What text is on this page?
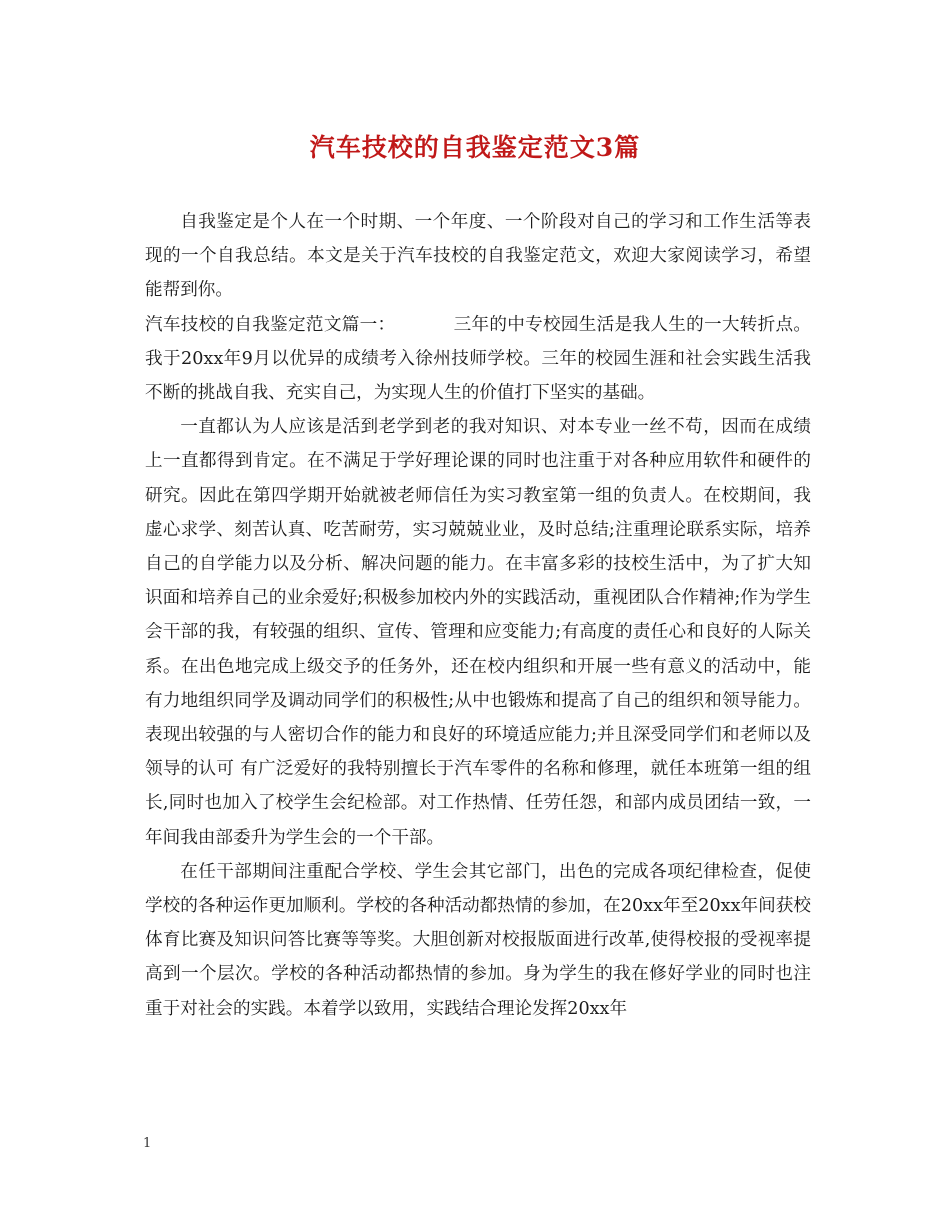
汽车技校的自我鉴定范文3篇

自我鉴定是个人在一个时期、一个年度、一个阶段对自己的学习和工作生活等表现的一个自我总结。本文是关于汽车技校的自我鉴定范文，欢迎大家阅读学习，希望能帮到你。

汽车技校的自我鉴定范文篇一：	三年的中专校园生活是我人生的一大转折点。我于20xx年9月以优异的成绩考入徐州技师学校。三年的校园生涯和社会实践生活我不断的挑战自我、充实自己，为实现人生的价值打下坚实的基础。

一直都认为人应该是活到老学到老的我对知识、对本专业一丝不苟，因而在成绩上一直都得到肯定。在不满足于学好理论课的同时也注重于对各种应用软件和硬件的研究。因此在第四学期开始就被老师信任为实习教室第一组的负责人。在校期间，我虚心求学、刻苦认真、吃苦耐劳，实习兢兢业业，及时总结;注重理论联系实际，培养自己的自学能力以及分析、解决问题的能力。在丰富多彩的技校生活中，为了扩大知识面和培养自己的业余爱好;积极参加校内外的实践活动，重视团队合作精神;作为学生会干部的我，有较强的组织、宣传、管理和应变能力;有高度的责任心和良好的人际关系。在出色地完成上级交予的任务外，还在校内组织和开展一些有意义的活动中，能有力地组织同学及调动同学们的积极性;从中也锻炼和提高了自己的组织和领导能力。表现出较强的与人密切合作的能力和良好的环境适应能力;并且深受同学们和老师以及领导的认可 有广泛爱好的我特别擅长于汽车零件的名称和修理，就任本班第一组的组长,同时也加入了校学生会纪检部。对工作热情、任劳任怨，和部内成员团结一致，一年间我由部委升为学生会的一个干部。

在任干部期间注重配合学校、学生会其它部门，出色的完成各项纪律检查，促使学校的各种运作更加顺利。学校的各种活动都热情的参加，在20xx年至20xx年间获校体育比赛及知识问答比赛等等奖。大胆创新对校报版面进行改革,使得校报的受视率提高到一个层次。学校的各种活动都热情的参加。身为学生的我在修好学业的同时也注重于对社会的实践。本着学以致用，实践结合理论发挥20xx年

1
